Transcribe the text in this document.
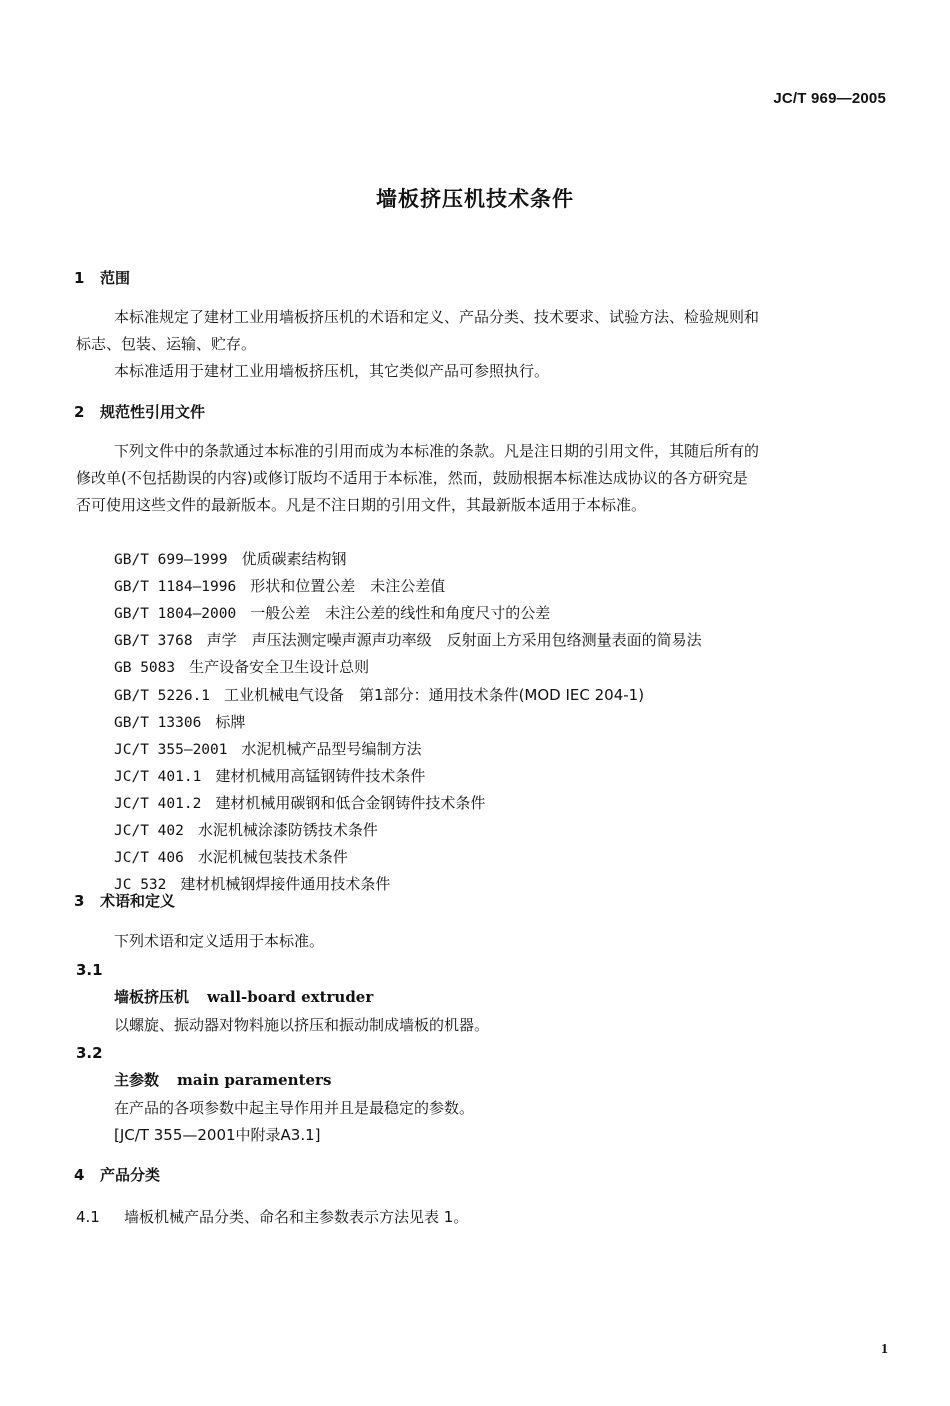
JC/T 969—2005
墙板挤压机技术条件
1 范围
本标准规定了建材工业用墙板挤压机的术语和定义、产品分类、技术要求、试验方法、检验规则和
标志、包装、运输、贮存。
本标准适用于建材工业用墙板挤压机，其它类似产品可参照执行。
2 规范性引用文件
下列文件中的条款通过本标准的引用而成为本标准的条款。凡是注日期的引用文件，其随后所有的
修改单(不包括勘误的内容)或修订版均不适用于本标准，然而，鼓励根据本标准达成协议的各方研究是
否可使用这些文件的最新版本。凡是不注日期的引用文件，其最新版本适用于本标准。
GB/T 699—1999 优质碳素结构钢
GB/T 1184—1996 形状和位置公差　未注公差值
GB/T 1804—2000 一般公差　未注公差的线性和角度尺寸的公差
GB/T 3768 声学　声压法测定噪声源声功率级　反射面上方采用包络测量表面的简易法
GB 5083 生产设备安全卫生设计总则
GB/T 5226.1 工业机械电气设备　第1部分：通用技术条件(MOD IEC 204-1)
GB/T 13306 标牌
JC/T 355—2001 水泥机械产品型号编制方法
JC/T 401.1 建材机械用高锰钢铸件技术条件
JC/T 401.2 建材机械用碳钢和低合金钢铸件技术条件
JC/T 402 水泥机械涂漆防锈技术条件
JC/T 406 水泥机械包装技术条件
JC 532 建材机械钢焊接件通用技术条件
3 术语和定义
下列术语和定义适用于本标准。
3.1
墙板挤压机 wall-board extruder
以螺旋、振动器对物料施以挤压和振动制成墙板的机器。
3.2
主参数 main paramenters
在产品的各项参数中起主导作用并且是最稳定的参数。
[JC/T 355—2001中附录A3.1]
4 产品分类
4.1 墙板机械产品分类、命名和主参数表示方法见表 1。
1
